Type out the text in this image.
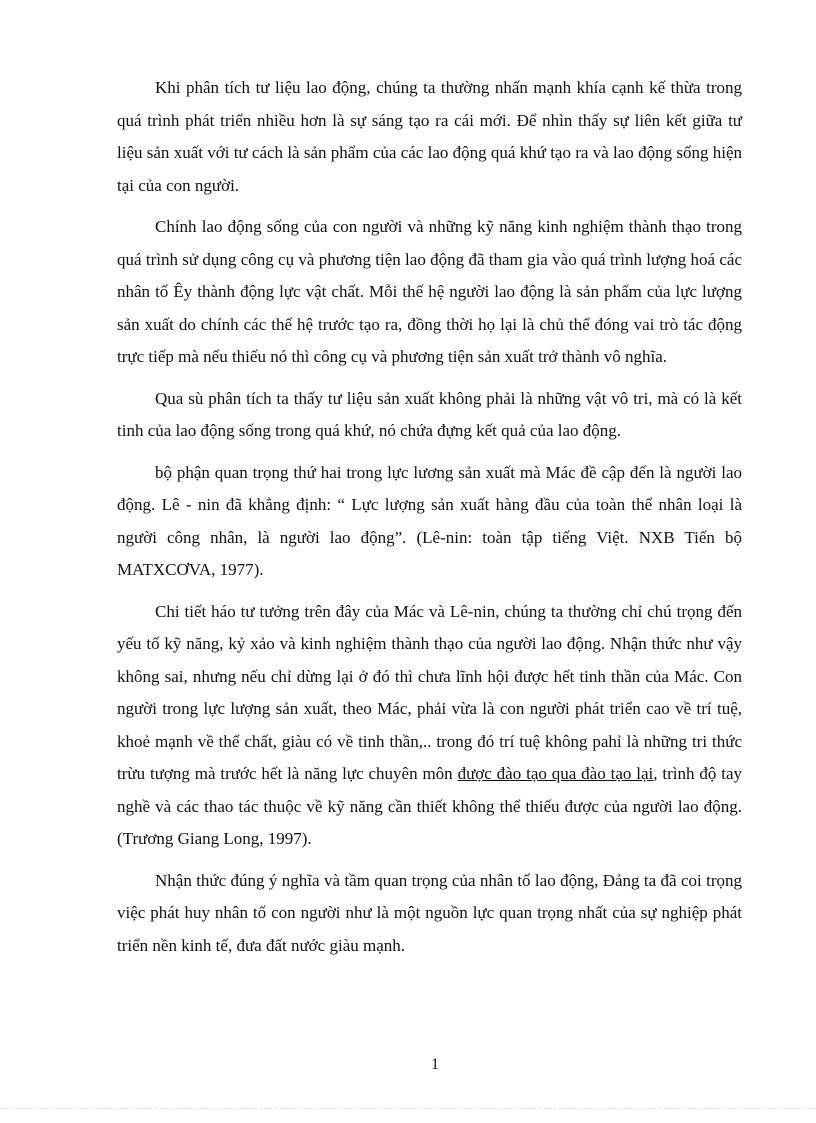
Khi phân tích tư liệu lao động, chúng ta thường nhấn mạnh khía cạnh kế thừa trong quá trình phát triển nhiều hơn là sự sáng tạo ra cái mới. Để nhìn thấy sự liên kết giữa tư liệu sản xuất với tư cách là sản phẩm của các lao động quá khứ tạo ra và lao động sống hiện tại của con người.

Chính lao động sống của con người và những kỹ năng kinh nghiệm thành thạo trong quá trình sử dụng công cụ và phương tiện lao động đã tham gia vào quá trình lượng hoá các nhân tố Êy thành động lực vật chất. Mỗi thế hệ người lao động là sản phẩm của lực lượng sản xuất do chính các thế hệ trước tạo ra, đồng thời họ lại là chủ thể đóng vai trò tác động trực tiếp mà nếu thiếu nó thì công cụ và phương tiện sản xuất trở thành vô nghĩa.

Qua sù phân tích ta thấy tư liệu sản xuất không phải là những vật vô tri, mà có là kết tinh của lao động sống trong quá khứ, nó chứa đựng kết quả của lao động.

bộ phận quan trọng thứ hai trong lực lương sản xuất mà Mác đề cập đến là người lao động. Lê - nin đã khẳng định: “ Lực lượng sản xuất hàng đầu của toàn thể nhân loại là người công nhân, là người lao động”. (Lê-nin: toàn tập tiếng Việt. NXB Tiến bộ MATXCƠVA, 1977).

Chi tiết háo tư tưởng trên đây của Mác và Lê-nin, chúng ta thường chỉ chú trọng đến yếu tố kỹ năng, kỷ xảo và kinh nghiệm thành thạo của người lao động. Nhận thức như vậy không sai, nhưng nếu chỉ dừng lại ở đó thì chưa lĩnh hội được hết tinh thần của Mác. Con người trong lực lượng sản xuất, theo Mác, phải vừa là con người phát triển cao về trí tuệ, khoẻ mạnh về thể chất, giàu có về tinh thần,.. trong đó trí tuệ không pahỉ là những tri thức trừu tượng mà trước hết là năng lực chuyên môn được đào tạo qua đào tạo lại, trình độ tay nghề và các thao tác thuộc về kỹ năng cần thiết không thể thiếu được của người lao động. (Trương Giang Long, 1997).

Nhận thức đúng ý nghĩa và tầm quan trọng của nhân tố lao động, Đảng ta đã coi trọng việc phát huy nhân tố con người như là một nguồn lực quan trọng nhất của sự nghiệp phát triển nền kinh tế, đưa đất nước giàu mạnh.

1
